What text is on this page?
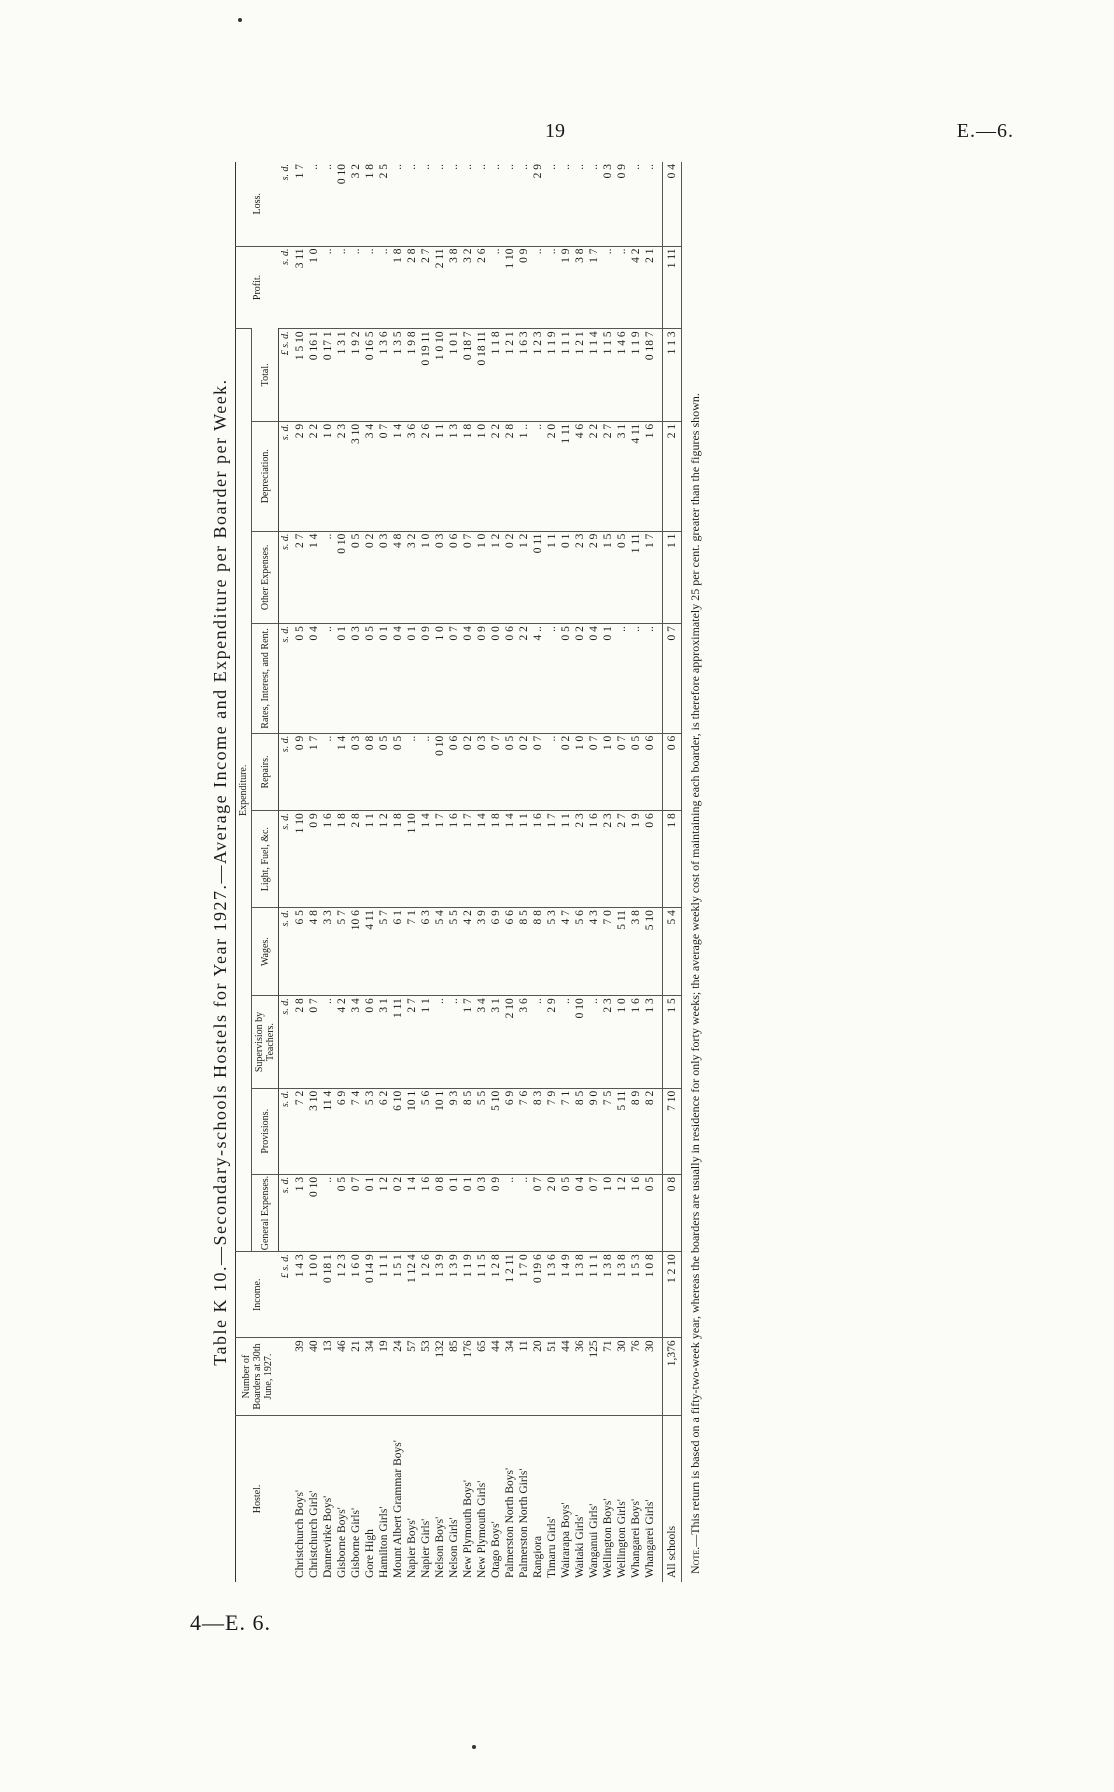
19	E.—6.
4—E. 6.
Table K 10.—Secondary-schools Hostels for Year 1927.—Average Income and Expenditure per Boarder per Week.
Hostel.	Number of Boarders at 30th June, 1927.	Income.	Expenditure.										Profit.	Loss.
			General Expenses.	Provisions.	Supervision by Teachers.	Wages.	Light, Fuel, &c.	Repairs.	Rates, Interest, and Rent.	Other Expenses.	Depreciation.	Total.		
		£ s. d.	s. d.	s. d.	s. d.	s. d.	s. d.	s. d.	s. d.	s. d.	s. d.	£ s. d.	s. d.	s. d.
Christchurch Boys'	39	1 4 3	1 3	7 2	2 8	6 5	1 10	0 9	0 5	2 7	2 9	1 5 10	3 11	1 7
Christchurch Girls'	40	1 0 0	0 10	3 10	0 7	4 8	0 9	1 7	0 4	1 4	2 2	0 16 1	1 0	..
Dannevirke Boys'	13	0 18 1	..	11 4	..	3 3	1 6	..	..	..	1 0	0 17 1	..	..
Gisborne Boys'	46	1 2 3	0 5	6 9	4 2	5 7	1 8	1 4	0 1	0 10	2 3	1 3 1	..	0 10
Gisborne Girls'	21	1 6 0	0 7	7 4	3 4	10 6	2 8	0 3	0 3	0 5	3 10	1 9 2	..	3 2
Gore High	34	0 14 9	0 1	5 3	0 6	4 11	1 1	0 8	0 5	0 2	3 4	0 16 5	..	1 8
Hamilton Girls'	19	1 1 1	1 2	6 2	3 1	5 7	1 2	0 5	0 1	0 3	0 7	1 3 6	..	2 5
Mount Albert Grammar Boys'	24	1 5 1	0 2	6 10	1 11	6 1	1 8	0 5	0 4	4 8	1 4	1 3 5	1 8	..
Napier Boys'	57	1 12 4	1 4	10 1	2 7	7 1	1 10	..	0 1	3 2	3 6	1 9 8	2 8	..
Napier Girls'	53	1 2 6	1 6	5 6	1 1	6 3	1 4	..	0 9	1 0	2 6	0 19 11	2 7	..
Nelson Boys'	132	1 3 9	0 8	10 1	..	5 4	1 7	0 10	1 0	0 3	1 1	1 0 10	2 11	..
Nelson Girls'	85	1 3 9	0 1	9 3	..	5 5	1 6	0 6	0 7	0 6	1 3	1 0 1	3 8	..
New Plymouth Boys'	176	1 1 9	0 1	8 5	1 7	4 2	1 7	0 2	0 4	0 7	1 8	0 18 7	3 2	..
New Plymouth Girls'	65	1 1 5	0 3	5 5	3 4	3 9	1 4	0 3	0 9	1 0	1 0	0 18 11	2 6	..
Otago Boys'	44	1 2 8	0 9	5 10	3 1	6 9	1 8	0 7	0 0	1 2	2 2	1 1 8	..	..
Palmerston North Boys'	34	1 2 11	..	6 9	2 10	6 6	1 4	0 5	0 6	0 2	2 8	1 2 1	1 10	..
Palmerston North Girls'	11	1 7 0	..	7 6	3 6	8 5	1 1	0 2	2 2	1 2	1 ..	1 6 3	0 9	..
Rangiora	20	0 19 6	0 7	8 3	..	8 8	1 6	0 7	4 ..	0 11	..	1 2 3	..	2 9
Timaru Girls'	51	1 3 6	2 0	7 9	2 9	5 3	1 7	..	..	1 1	2 0	1 1 9	..	..
Wairarapa Boys'	44	1 4 9	0 5	7 1	..	4 7	1 1	0 2	0 5	0 1	1 11	1 1 1	1 9	..
Waitaki Girls'	36	1 3 8	0 4	8 5	0 10	5 6	2 3	1 0	0 2	2 3	4 6	1 2 1	3 8	..
Wanganui Girls'	125	1 1 1	0 7	9 0	..	4 3	1 6	0 7	0 4	2 9	2 2	1 1 4	1 7	..
Wellington Boys'	71	1 3 8	1 0	7 5	2 3	7 0	2 3	1 0	0 1	1 5	2 7	1 1 5	..	0 3
Wellington Girls'	30	1 3 8	1 2	5 11	1 0	5 11	2 7	0 7	..	0 5	3 1	1 4 6	..	0 9
Whangarei Boys'	76	1 5 3	1 6	8 9	1 6	3 8	1 9	0 5	..	1 11	4 11	1 1 9	4 2	..
Whangarei Girls'	30	1 0 8	0 5	8 2	1 3	5 10	0 6	0 6	..	1 7	1 6	0 18 7	2 1	..

All schools	1,376	1 2 10	0 8	7 10	1 5	5 4	1 8	0 6	0 7	1 1	2 1	1 1 3	1 11	0 4
Note.—This return is based on a fifty-two-week year, whereas the boarders are usually in residence for only forty weeks; the average weekly cost of maintaining each boarder, is therefore approximately 25 per cent. greater than the figures shown.
